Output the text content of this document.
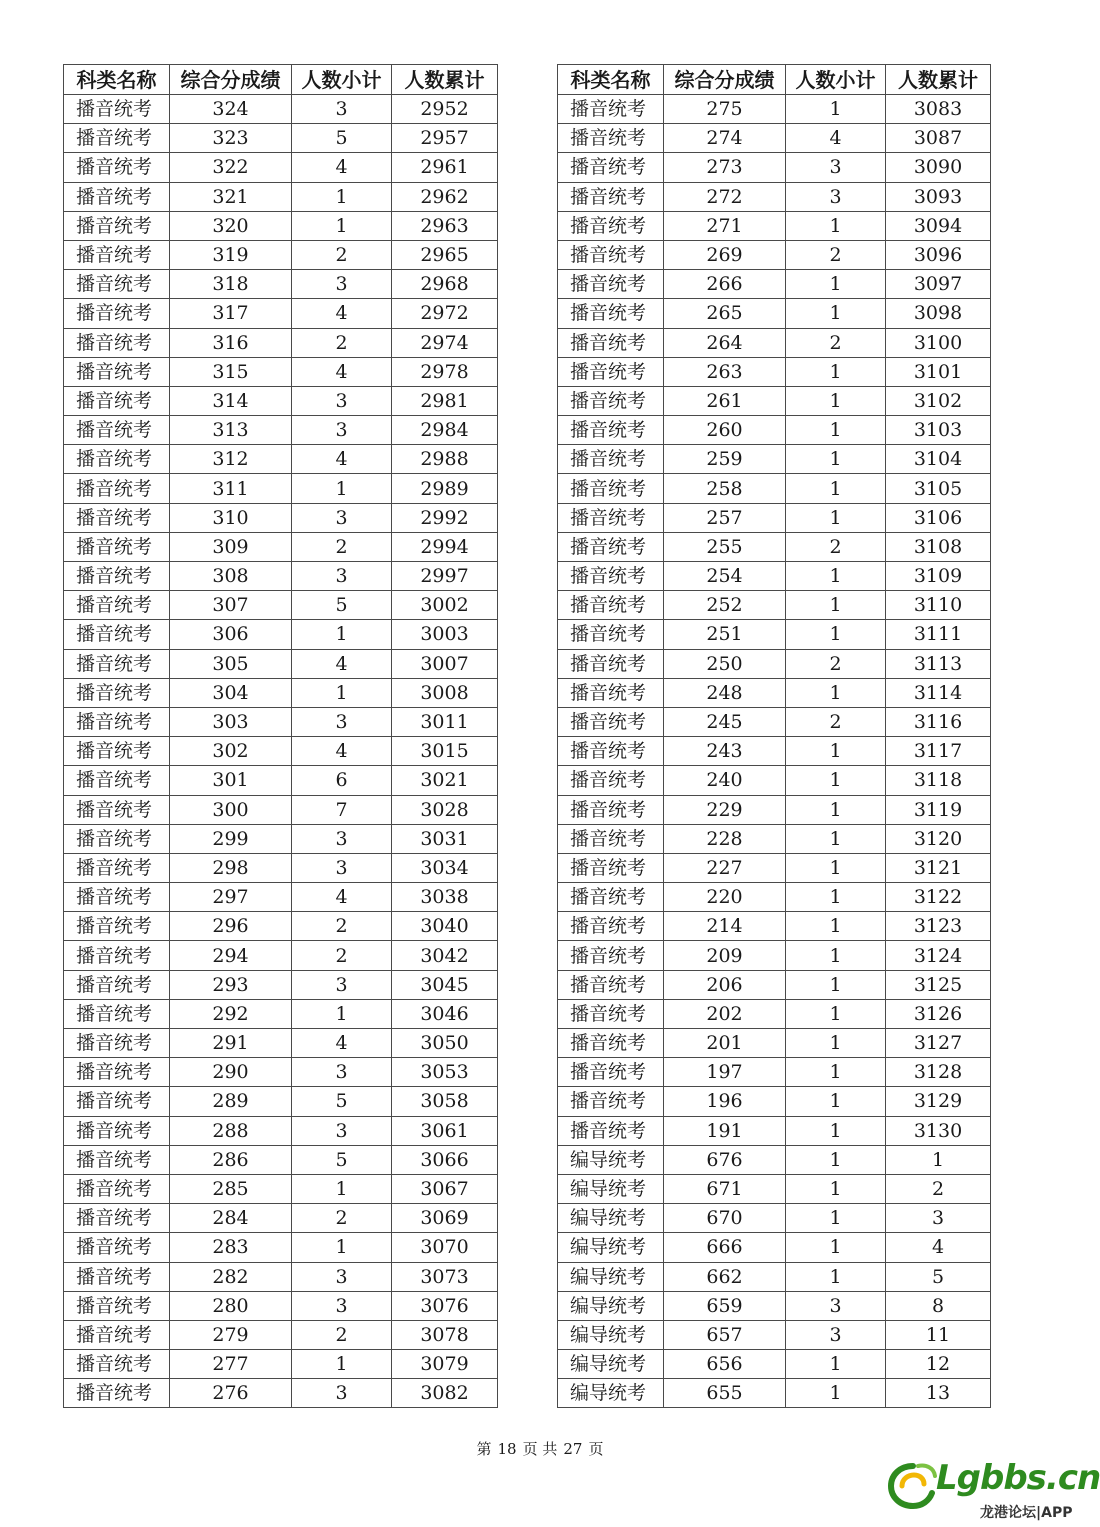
科类名称	综合分成绩	人数小计	人数累计
播音统考	324	3	2952
播音统考	323	5	2957
播音统考	322	4	2961
播音统考	321	1	2962
播音统考	320	1	2963
播音统考	319	2	2965
播音统考	318	3	2968
播音统考	317	4	2972
播音统考	316	2	2974
播音统考	315	4	2978
播音统考	314	3	2981
播音统考	313	3	2984
播音统考	312	4	2988
播音统考	311	1	2989
播音统考	310	3	2992
播音统考	309	2	2994
播音统考	308	3	2997
播音统考	307	5	3002
播音统考	306	1	3003
播音统考	305	4	3007
播音统考	304	1	3008
播音统考	303	3	3011
播音统考	302	4	3015
播音统考	301	6	3021
播音统考	300	7	3028
播音统考	299	3	3031
播音统考	298	3	3034
播音统考	297	4	3038
播音统考	296	2	3040
播音统考	294	2	3042
播音统考	293	3	3045
播音统考	292	1	3046
播音统考	291	4	3050
播音统考	290	3	3053
播音统考	289	5	3058
播音统考	288	3	3061
播音统考	286	5	3066
播音统考	285	1	3067
播音统考	284	2	3069
播音统考	283	1	3070
播音统考	282	3	3073
播音统考	280	3	3076
播音统考	279	2	3078
播音统考	277	1	3079
播音统考	276	3	3082
科类名称	综合分成绩	人数小计	人数累计
播音统考	275	1	3083
播音统考	274	4	3087
播音统考	273	3	3090
播音统考	272	3	3093
播音统考	271	1	3094
播音统考	269	2	3096
播音统考	266	1	3097
播音统考	265	1	3098
播音统考	264	2	3100
播音统考	263	1	3101
播音统考	261	1	3102
播音统考	260	1	3103
播音统考	259	1	3104
播音统考	258	1	3105
播音统考	257	1	3106
播音统考	255	2	3108
播音统考	254	1	3109
播音统考	252	1	3110
播音统考	251	1	3111
播音统考	250	2	3113
播音统考	248	1	3114
播音统考	245	2	3116
播音统考	243	1	3117
播音统考	240	1	3118
播音统考	229	1	3119
播音统考	228	1	3120
播音统考	227	1	3121
播音统考	220	1	3122
播音统考	214	1	3123
播音统考	209	1	3124
播音统考	206	1	3125
播音统考	202	1	3126
播音统考	201	1	3127
播音统考	197	1	3128
播音统考	196	1	3129
播音统考	191	1	3130
编导统考	676	1	1
编导统考	671	1	2
编导统考	670	1	3
编导统考	666	1	4
编导统考	662	1	5
编导统考	659	3	8
编导统考	657	3	11
编导统考	656	1	12
编导统考	655	1	13
第 18 页 共 27 页
Lgbbs.cn
龙港论坛|APP
